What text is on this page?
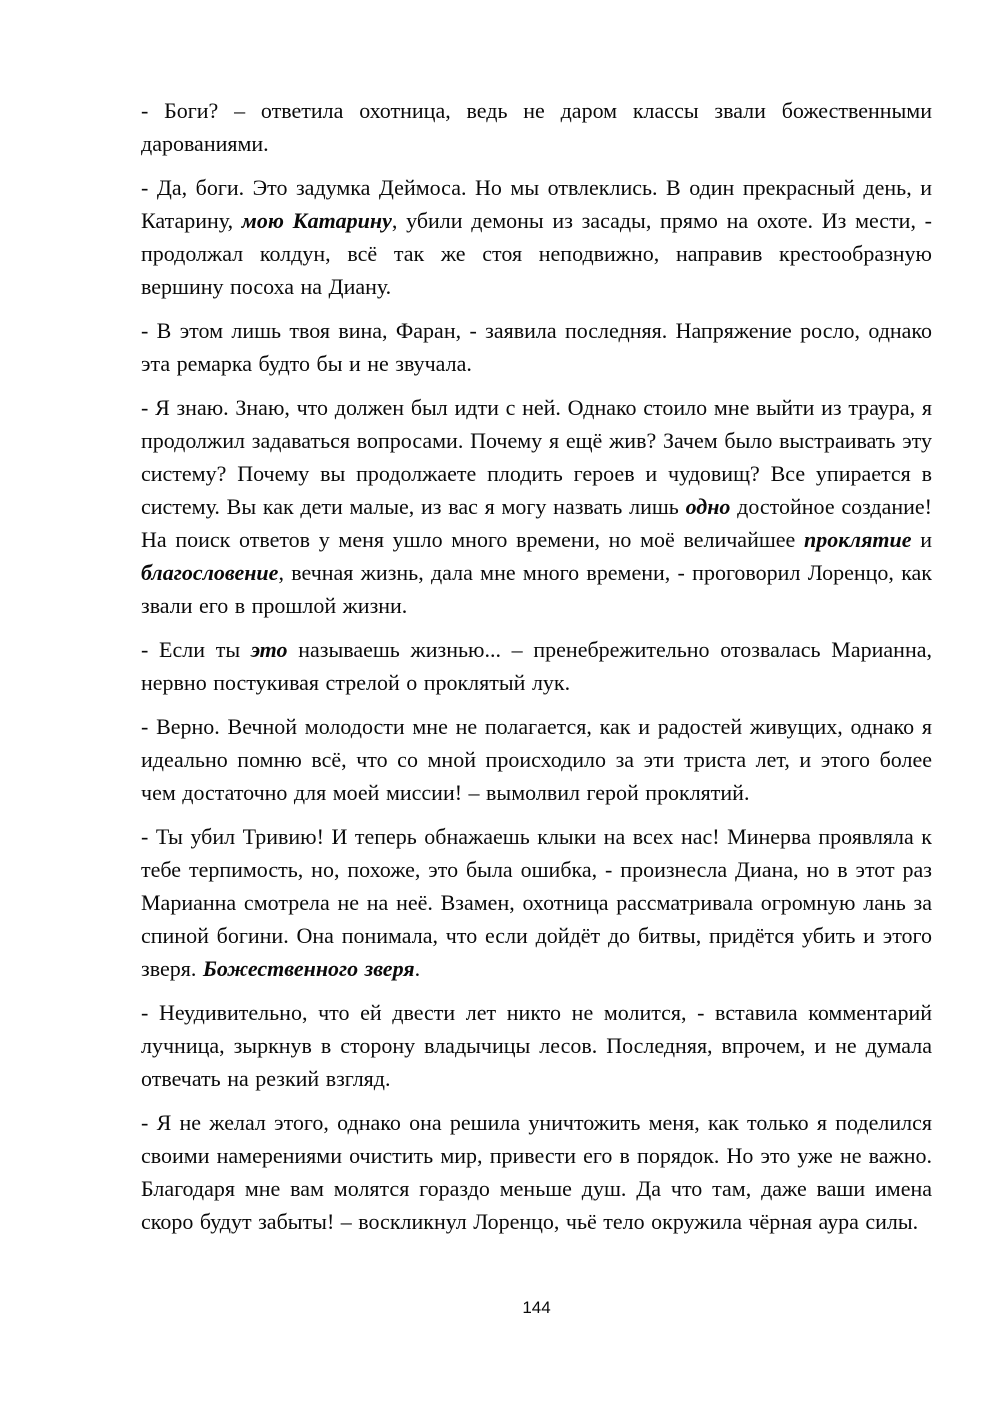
- Боги? – ответила охотница, ведь не даром классы звали божественными дарованиями.

- Да, боги. Это задумка Деймоса. Но мы отвлеклись. В один прекрасный день, и Катарину, мою Катарину, убили демоны из засады, прямо на охоте. Из мести, - продолжал колдун, всё так же стоя неподвижно, направив крестообразную вершину посоха на Диану.

- В этом лишь твоя вина, Фаран, - заявила последняя. Напряжение росло, однако эта ремарка будто бы и не звучала.

- Я знаю. Знаю, что должен был идти с ней. Однако стоило мне выйти из траура, я продолжил задаваться вопросами. Почему я ещё жив? Зачем было выстраивать эту систему? Почему вы продолжаете плодить героев и чудовищ? Все упирается в систему. Вы как дети малые, из вас я могу назвать лишь одно достойное создание! На поиск ответов у меня ушло много времени, но моё величайшее проклятие и благословение, вечная жизнь, дала мне много времени, - проговорил Лоренцо, как звали его в прошлой жизни.

- Если ты это называешь жизнью... – пренебрежительно отозвалась Марианна, нервно постукивая стрелой о проклятый лук.

- Верно. Вечной молодости мне не полагается, как и радостей живущих, однако я идеально помню всё, что со мной происходило за эти триста лет, и этого более чем достаточно для моей миссии! – вымолвил герой проклятий.

- Ты убил Тривию! И теперь обнажаешь клыки на всех нас! Минерва проявляла к тебе терпимость, но, похоже, это была ошибка, - произнесла Диана, но в этот раз Марианна смотрела не на неё. Взамен, охотница рассматривала огромную лань за спиной богини. Она понимала, что если дойдёт до битвы, придётся убить и этого зверя. Божественного зверя.

- Неудивительно, что ей двести лет никто не молится, - вставила комментарий лучница, зыркнув в сторону владычицы лесов. Последняя, впрочем, и не думала отвечать на резкий взгляд.

- Я не желал этого, однако она решила уничтожить меня, как только я поделился своими намерениями очистить мир, привести его в порядок. Но это уже не важно. Благодаря мне вам молятся гораздо меньше душ. Да что там, даже ваши имена скоро будут забыты! – воскликнул Лоренцо, чьё тело окружила чёрная аура силы.

144
